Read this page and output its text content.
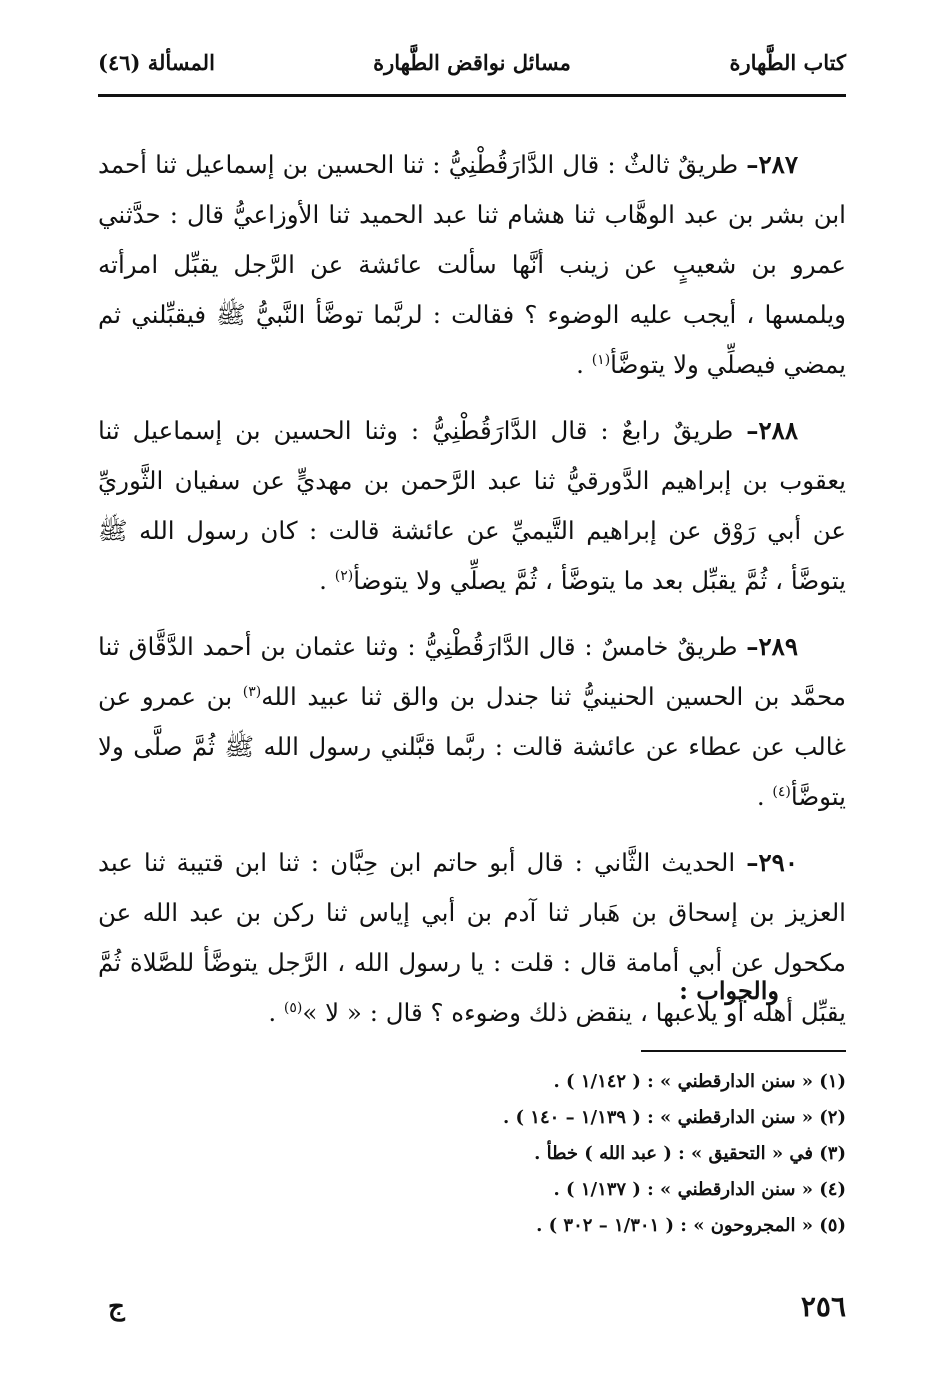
كتاب الطَّهارة
مسائل نواقض الطَّهارة
المسألة (٤٦)

٢٨٧– طريقٌ ثالثٌ : قال الدَّارَقُطْنِيُّ : ثنا الحسين بن إسماعيل ثنا أحمد ابن بشر بن عبد الوهَّاب ثنا هشام ثنا عبد الحميد ثنا الأوزاعيُّ قال : حدَّثني عمرو بن شعيبٍ عن زينب أنَّها سألت عائشة عن الرَّجل يقبِّل امرأته ويلمسها ، أيجب عليه الوضوء ؟ فقالت : لربَّما توضَّأ النَّبيُّ ﷺ فيقبِّلني ثم يمضي فيصلِّي ولا يتوضَّأ$^{(١)}$ .

٢٨٨– طريقٌ رابعٌ : قال الدَّارَقُطْنِيُّ : وثنا الحسين بن إسماعيل ثنا يعقوب بن إبراهيم الدَّورقيُّ ثنا عبد الرَّحمن بن مهديٍّ عن سفيان الثَّوريِّ عن أبي رَوْق عن إبراهيم التَّيميِّ عن عائشة قالت : كان رسول الله ﷺ يتوضَّأ ، ثُمَّ يقبِّل بعد ما يتوضَّأ ، ثُمَّ يصلِّي ولا يتوضأ$^{(٢)}$ .

٢٨٩– طريقٌ خامسٌ : قال الدَّارَقُطْنِيُّ : وثنا عثمان بن أحمد الدَّقَّاق ثنا محمَّد بن الحسين الحنينيُّ ثنا جندل بن والق ثنا عبيد الله$^{(٣)}$ بن عمرو عن غالب عن عطاء عن عائشة قالت : ربَّما قبَّلني رسول الله ﷺ ثُمَّ صلَّى ولا يتوضَّأ$^{(٤)}$ .

٢٩٠– الحديث الثَّاني : قال أبو حاتم ابن حِبَّان : ثنا ابن قتيبة ثنا عبد العزيز بن إسحاق بن هَبار ثنا آدم بن أبي إياس ثنا ركن بن عبد الله عن مكحول عن أبي أمامة قال : قلت : يا رسول الله ، الرَّجل يتوضَّأ للصَّلاة ثُمَّ يقبِّل أهله أو يلاعبها ، ينقض ذلك وضوءه ؟ قال : « لا »$^{(٥)}$ .

والجواب :
(١) « سنن الدارقطني » : ( ١/١٤٢ ) .
(٢) « سنن الدارقطني » : ( ١/١٣٩ – ١٤٠ ) .
(٣) في « التحقيق » : ( عبد الله ) خطأ .
(٤) « سنن الدارقطني » : ( ١/١٣٧ ) .
(٥) « المجروحون » : ( ١/٣٠١ – ٣٠٢ ) .
٢٥٦
ج
